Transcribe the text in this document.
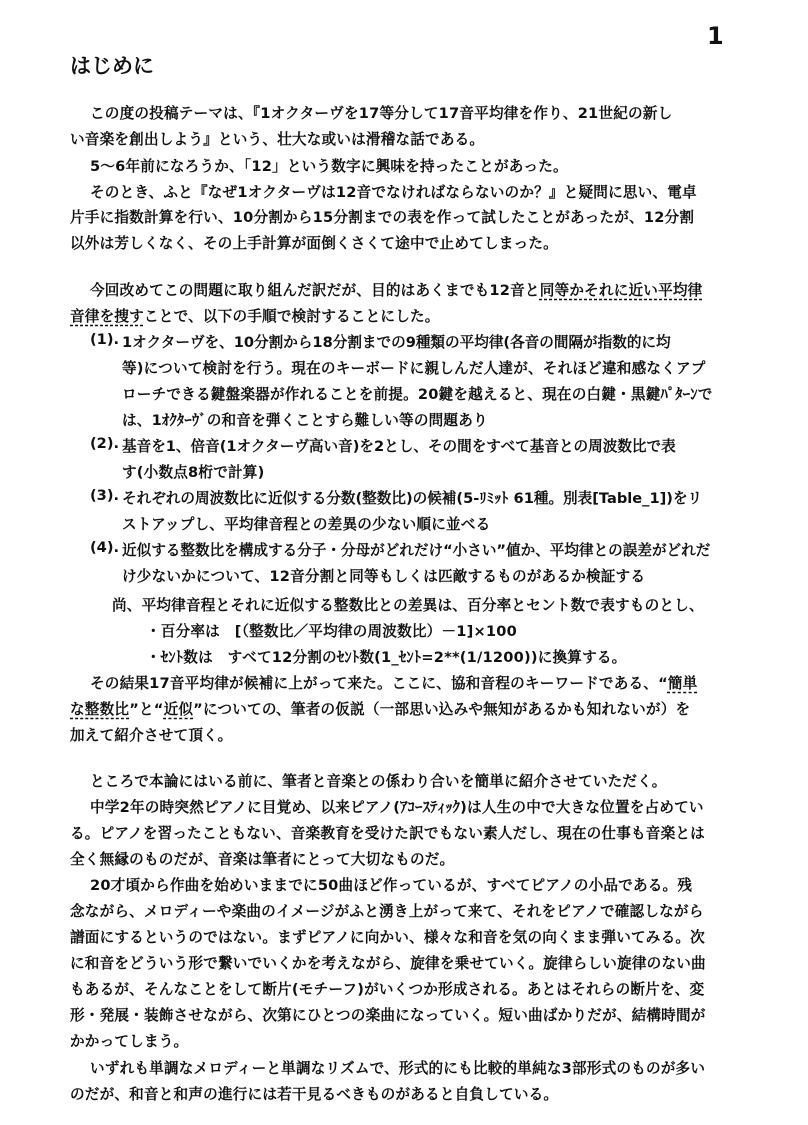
1
はじめに
この度の投稿テーマは、『1オクターヴを17等分して17音平均律を作り、21世紀の新し
い音楽を創出しよう』という、壮大な或いは滑稽な話である。
5～6年前になろうか、「12」という数字に興味を持ったことがあった。
そのとき、ふと『なぜ1オクターヴは12音でなければならないのか？』と疑問に思い、電卓
片手に指数計算を行い、10分割から15分割までの表を作って試したことがあったが、12分割
以外は芳しくなく、その上手計算が面倒くさくて途中で止めてしまった。
今回改めてこの問題に取り組んだ訳だが、目的はあくまでも12音と同等かそれに近い平均律
音律を捜すことで、以下の手順で検討することにした。
(1). 1オクターヴを、10分割から18分割までの9種類の平均律(各音の間隔が指数的に均
等)について検討を行う。現在のキーボードに親しんだ人達が、それほど違和感なくアプ
ローチできる鍵盤楽器が作れることを前提。20鍵を越えると、現在の白鍵・黒鍵ﾊﾟﾀｰﾝで
は、1ｵｸﾀｰｳﾞの和音を弾くことすら難しい等の問題あり
(2). 基音を1、倍音(1オクターヴ高い音)を2とし、その間をすべて基音との周波数比で表
す(小数点8桁で計算)
(3). それぞれの周波数比に近似する分数(整数比)の候補(5-ﾘﾐｯﾄ 61種。別表[Table_1])をリ
ストアップし、平均律音程との差異の少ない順に並べる
(4). 近似する整数比を構成する分子・分母がどれだけ“小さい”値か、平均律との誤差がどれだ
け少ないかについて、12音分割と同等もしくは匹敵するものがあるか検証する
尚、平均律音程とそれに近似する整数比との差異は、百分率とセント数で表すものとし、
・百分率は　[（整数比／平均律の周波数比）－1]×100
・ｾﾝﾄ数は　すべて12分割のｾﾝﾄ数(1_ｾﾝﾄ=2**(1/1200))に換算する。
その結果17音平均律が候補に上がって来た。ここに、協和音程のキーワードである、“簡単
な整数比”と“近似”についての、筆者の仮説（一部思い込みや無知があるかも知れないが）を
加えて紹介させて頂く。
ところで本論にはいる前に、筆者と音楽との係わり合いを簡単に紹介させていただく。
中学2年の時突然ピアノに目覚め、以来ピアノ(ｱｺｰｽﾃｨｯｸ)は人生の中で大きな位置を占めてい
る。ピアノを習ったこともない、音楽教育を受けた訳でもない素人だし、現在の仕事も音楽とは
全く無縁のものだが、音楽は筆者にとって大切なものだ。
20才頃から作曲を始めいままでに50曲ほど作っているが、すべてピアノの小品である。残
念ながら、メロディーや楽曲のイメージがふと湧き上がって来て、それをピアノで確認しながら
譜面にするというのではない。まずピアノに向かい、様々な和音を気の向くまま弾いてみる。次
に和音をどういう形で繋いでいくかを考えながら、旋律を乗せていく。旋律らしい旋律のない曲
もあるが、そんなことをして断片(モチーフ)がいくつか形成される。あとはそれらの断片を、変
形・発展・装飾させながら、次第にひとつの楽曲になっていく。短い曲ばかりだが、結構時間が
かかってしまう。
いずれも単調なメロディーと単調なリズムで、形式的にも比較的単純な3部形式のものが多い
のだが、和音と和声の進行には若干見るべきものがあると自負している。
